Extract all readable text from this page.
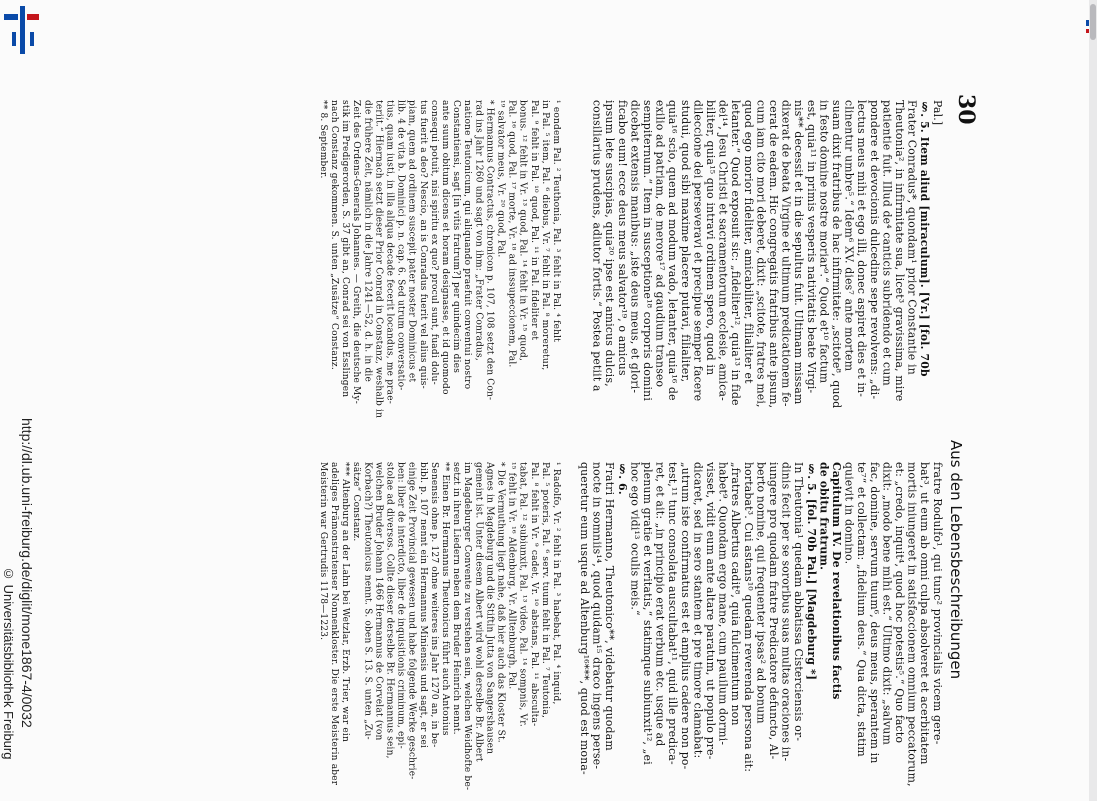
30
Aus den Lebensbeschreibungen
Pal.]
§. 5. Item aliud [miraculum]. [Vr.] [fol. 70b
Frater Conradus*, quondam¹ prior Constantie in
Theutonia², in infirmitate sua, licet³ gravissima, mire
patientie fuit. Illud de⁴ canticis subridendo et cum
pondere et devocionis dulcedine sepe revolvens: „di-
lectus meus mihi et ego illi, donec aspiret dies et in-
clinentur umbre⁵.“ Idem⁶ XV. dies⁷ ante mortem
suam dixit fratribus de hac infirmitate: „scitote⁸, quod
in festo domine nostre moriar⁹.“ Quod et¹⁰ factum
est, quia¹¹ in primis vesperis nativitatis beate Virgi-
nis** decessit et in die sepultus fuit. Ultimam missam
dixerat de beata Virgine et ultimum predicationem fe-
cerat de eadem. Hic congregatis fratribus ante ipsum,
cum iam cito mori deberet, dixit: „scitote, fratres mei,
quod ego morior fideliter, amicabiliter, filialiter et
letanter.“ Quod exposuit sic: „fideliter¹², quia¹³ in fide
dei¹⁴, Jesu Christi et sacramentorum ecclesie, amica-
biliter, quia¹⁵ quo intravi ordinem spero, quod in
dileccione dei perseveravi et precipue semper facere
studui, quod sibi maxime placere putavi, filialiter,
quia¹⁶ scio, quem ad modum vado, letanter, quia¹⁶ de
exilio ad patriam, de merore¹⁷ ad gaudium transeo
sempiternum.“ Item in susceptione¹⁸ corporis domini
dicebat extensis manibus: „iste deus meus, et glori-
ficabo eum! ecce deus meus salvator¹⁹, o amicus
ipsum lete suscipias, quia²⁰ ipse est amicus dulcis,
consiliarius prudens, adiutor fortis.“ Postea petiit a
¹ eondem Pal. ² Teuthonia, Pal. ³ fehlt in Pal. ⁴ fehlt
in Pal. ⁵ item, Pal. ⁶ diebus, Vr. ⁷ fehlt in Pal. ⁸ moreretur,
Pal. ⁹ fehlt in Pal. ¹⁰ quod, Pal. ¹¹ in Pal. fideliter et
bonus. ¹² fehlt in Vr. ¹³ quod, Pal. ¹⁴ fehlt in Vr. ¹⁵ quod,
Pal. ¹⁶ quod, Pal. ¹⁷ morte, Vr. ¹⁸ ad inssupeccionem, Pal.
¹⁹ salvator meus, Vr. ²⁰ quod, Pal.
* Hermannus Contractus, chronicon p. 107, 108 setzt den Con-
rad ins Jahr 1260 und sagt von ihm: „Frater Conradus,
natione Teutonicum, qui aliquando praefuit conventui nostro
Constantiensi, sagt [in vitis fratrum?] per quindecim dies
ante suum obitum dicens et horam designasse, et id quomodo
consequi potuit, nisi spiritu ex quo? procul sunt, fuadi dolu-
tus fuerit a deo? Nescio, an is Conradus fuerit vel alius quis-
piam, quem ad ordinem suscepit pater noster Dominicus et
lib. 4 de vita b. Dominici p. n. cap. 6. Sed utrum conversatio-
tius, quam iusti, in illa aliqua decade fecerit locandus, me prae-
teriit.“ Hiernach setzt dieser Prior Conrad in Constanz, weshalb in
die frühere Zeit, nämlich in die Jahre 1241—52, d. h. in die
Zeit des Ordens-Generals Johannes. — Greith, die deutsche My-
stik im Predigerorden, S. 37 gibt an, Conrad sei von Esslingen
nach Constanz gekommen. S. unten „Zusätze“ Constanz.
** 8. September.
fratre Rodulfo¹, qui tunc² provincialis vicem gere-
bat³, ut eum ab omni culpa absolveret et acerbitatem
mortis iniungeret in satisfaccionem omnium peccatorum,
et: „credo, inquit⁴, quod hoc potestis⁵.“ Quo facto
dixit: „modo bene mihi est.“ Ultimo dixit: „salvum
fac, domine, servum tuum⁶, deus meus, sperantem in
te⁷“ et collectam: „fidelium deus.“ Qua dicta, statim
quievit in domino.
Capitulum IV. De revelationibus factis
de obitu fratrum.
§. 5. [fol. 70b Pal.] [Magdeburg *]
In Theutonia¹ quedam abbatissa Cisterciensis or-
dinis fecit per se sororibus suas multas oraciones in-
iungere pro quodam fratre Predicatore defuncto, Al-
berto nomine, qui frequenter ipsas² ad bonum
hortabat³. Cui astans¹⁰ quedam reverenda persona ait:
„fratres Albertus cadit⁸, quia fulcimentum non
habet⁹. Quondam ergo mane, cum pauilum dormi-
visset, vidit eum ante altare paratum, ut populo pre-
dicaret, sed in sero stantem et pre timore clamabat:
„utrum iste confirmatus est et amplius cadere non po-
test,¹¹ tunc consolata auscultabat¹¹, quid ille predica-
ret, et ait: „in principio erat verbum etc. usque ad
plenum gratie et veritatis,“ statimque subiunxit¹², „ei
hoc ego vidi¹³ oculis meis.“
§. 6.
Fratri Hermanno, Theutonico**, videbatur quodam
nocte in somniis¹⁴, quod quidam¹⁵ draco ingens perse-
queretur eum usque ad Altenburg¹⁶***, quod est mona-
¹ Radolfo, Vr. ² fehlt in Pal. ³ habebat, Pal. ⁴ inquid,
Pal. ⁵ poteris, Pal. ⁶ serv. tuum fehlt in Pal. ⁷ Teutonia,
Pal. ⁸ fehlt in Vr. ⁹ cadet, Vr. ¹⁰ abstans, Pal. ¹¹ absculta-
tabat, Pal. ¹² subiunxit, Pal. ¹³ video, Pal. ¹⁴ sompnis, Vr.
¹⁵ fehlt in Vr. ¹⁶ Aldenburg, Vr. Alltenburgh, Pal.
* Die Vermuthung liegt nahe, daß hier auch das Kloster St.
Agnes in Magdeburg und die Stiftin Jutta von Sangershausen
gemeint ist. Unter diesem Albert wird wohl derselbe Br. Albert
im Magdeburger Convente zu verstehen sein, welchen Weidhofte be-
setzt in ihren Liedern neben dem Bruder Heinrich nennt.
** Einen Br. Hermannus Theutonicus führt auch Antonius
Senensis ohne p. 127 ohne weiteres ins Jahr 1270 an, in be-
bibl. p. 107 nennt ein Hermannus Miniensis und sagt, er sei
einige Zeit Provincial gewesen und habe folgende Werke geschrie-
ben: liber de interdicto, liber de inquisitionis criminum, epi-
stolae ad diversos. Collte dieser derselbe Br. Hermannus sein,
welchen Bruder Johann 1466 Hermannus de Corvelat (von
Korbach?) Theutonicus nennt. S. oben S. 13. S. unten „Zu-
sätze“ Constanz.
*** Altenburg an der Lahn bei Wetzlar, Erzb. Trier, war ein
adeliges Prämonstratenser Nonnenkloster. Die erste Meisterin aber
Meisterin war Gertrudis 1178—1223.
http://dl.ub.uni-freiburg.de/diglit/mone1867-4/0032
© Universitätsbibliothek Freiburg
